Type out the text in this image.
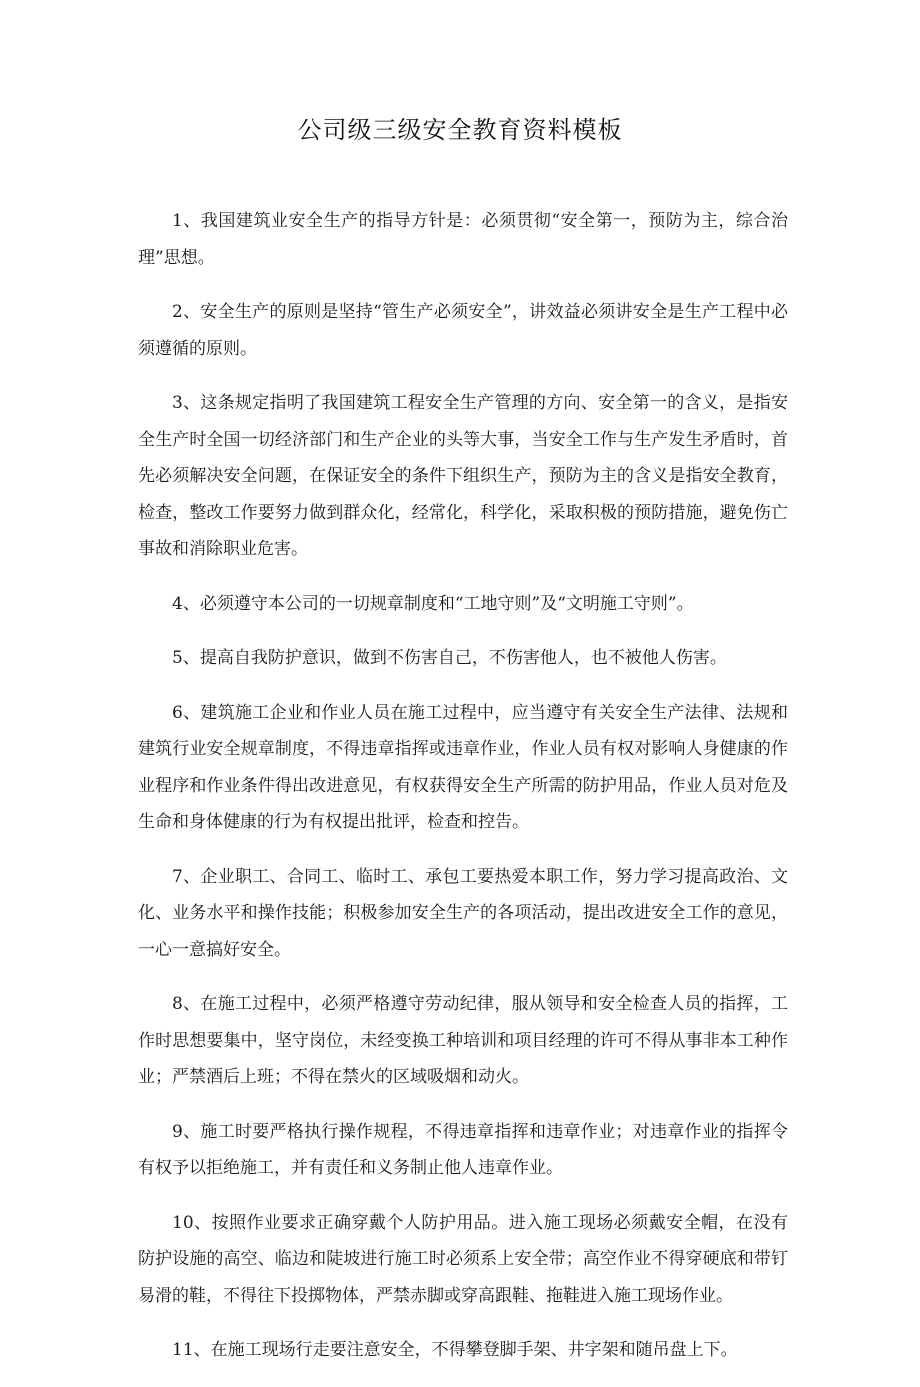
公司级三级安全教育资料模板

1、我国建筑业安全生产的指导方针是：必须贯彻“安全第一，预防为主，综合治理”思想。

2、安全生产的原则是坚持“管生产必须安全”，讲效益必须讲安全是生产工程中必须遵循的原则。

3、这条规定指明了我国建筑工程安全生产管理的方向、安全第一的含义，是指安全生产时全国一切经济部门和生产企业的头等大事，当安全工作与生产发生矛盾时，首先必须解决安全问题，在保证安全的条件下组织生产，预防为主的含义是指安全教育，检查，整改工作要努力做到群众化，经常化，科学化，采取积极的预防措施，避免伤亡事故和消除职业危害。

4、必须遵守本公司的一切规章制度和“工地守则”及“文明施工守则”。

5、提高自我防护意识，做到不伤害自己，不伤害他人，也不被他人伤害。

6、建筑施工企业和作业人员在施工过程中，应当遵守有关安全生产法律、法规和建筑行业安全规章制度，不得违章指挥或违章作业，作业人员有权对影响人身健康的作业程序和作业条件得出改进意见，有权获得安全生产所需的防护用品，作业人员对危及生命和身体健康的行为有权提出批评，检查和控告。

7、企业职工、合同工、临时工、承包工要热爱本职工作，努力学习提高政治、文化、业务水平和操作技能；积极参加安全生产的各项活动，提出改进安全工作的意见，一心一意搞好安全。

8、在施工过程中，必须严格遵守劳动纪律，服从领导和安全检查人员的指挥，工作时思想要集中，坚守岗位，未经变换工种培训和项目经理的许可不得从事非本工种作业；严禁酒后上班；不得在禁火的区域吸烟和动火。

9、施工时要严格执行操作规程，不得违章指挥和违章作业；对违章作业的指挥令有权予以拒绝施工，并有责任和义务制止他人违章作业。

10、按照作业要求正确穿戴个人防护用品。进入施工现场必须戴安全帽，在没有防护设施的高空、临边和陡坡进行施工时必须系上安全带；高空作业不得穿硬底和带钉易滑的鞋，不得往下投掷物体，严禁赤脚或穿高跟鞋、拖鞋进入施工现场作业。

11、在施工现场行走要注意安全，不得攀登脚手架、井字架和随吊盘上下。
